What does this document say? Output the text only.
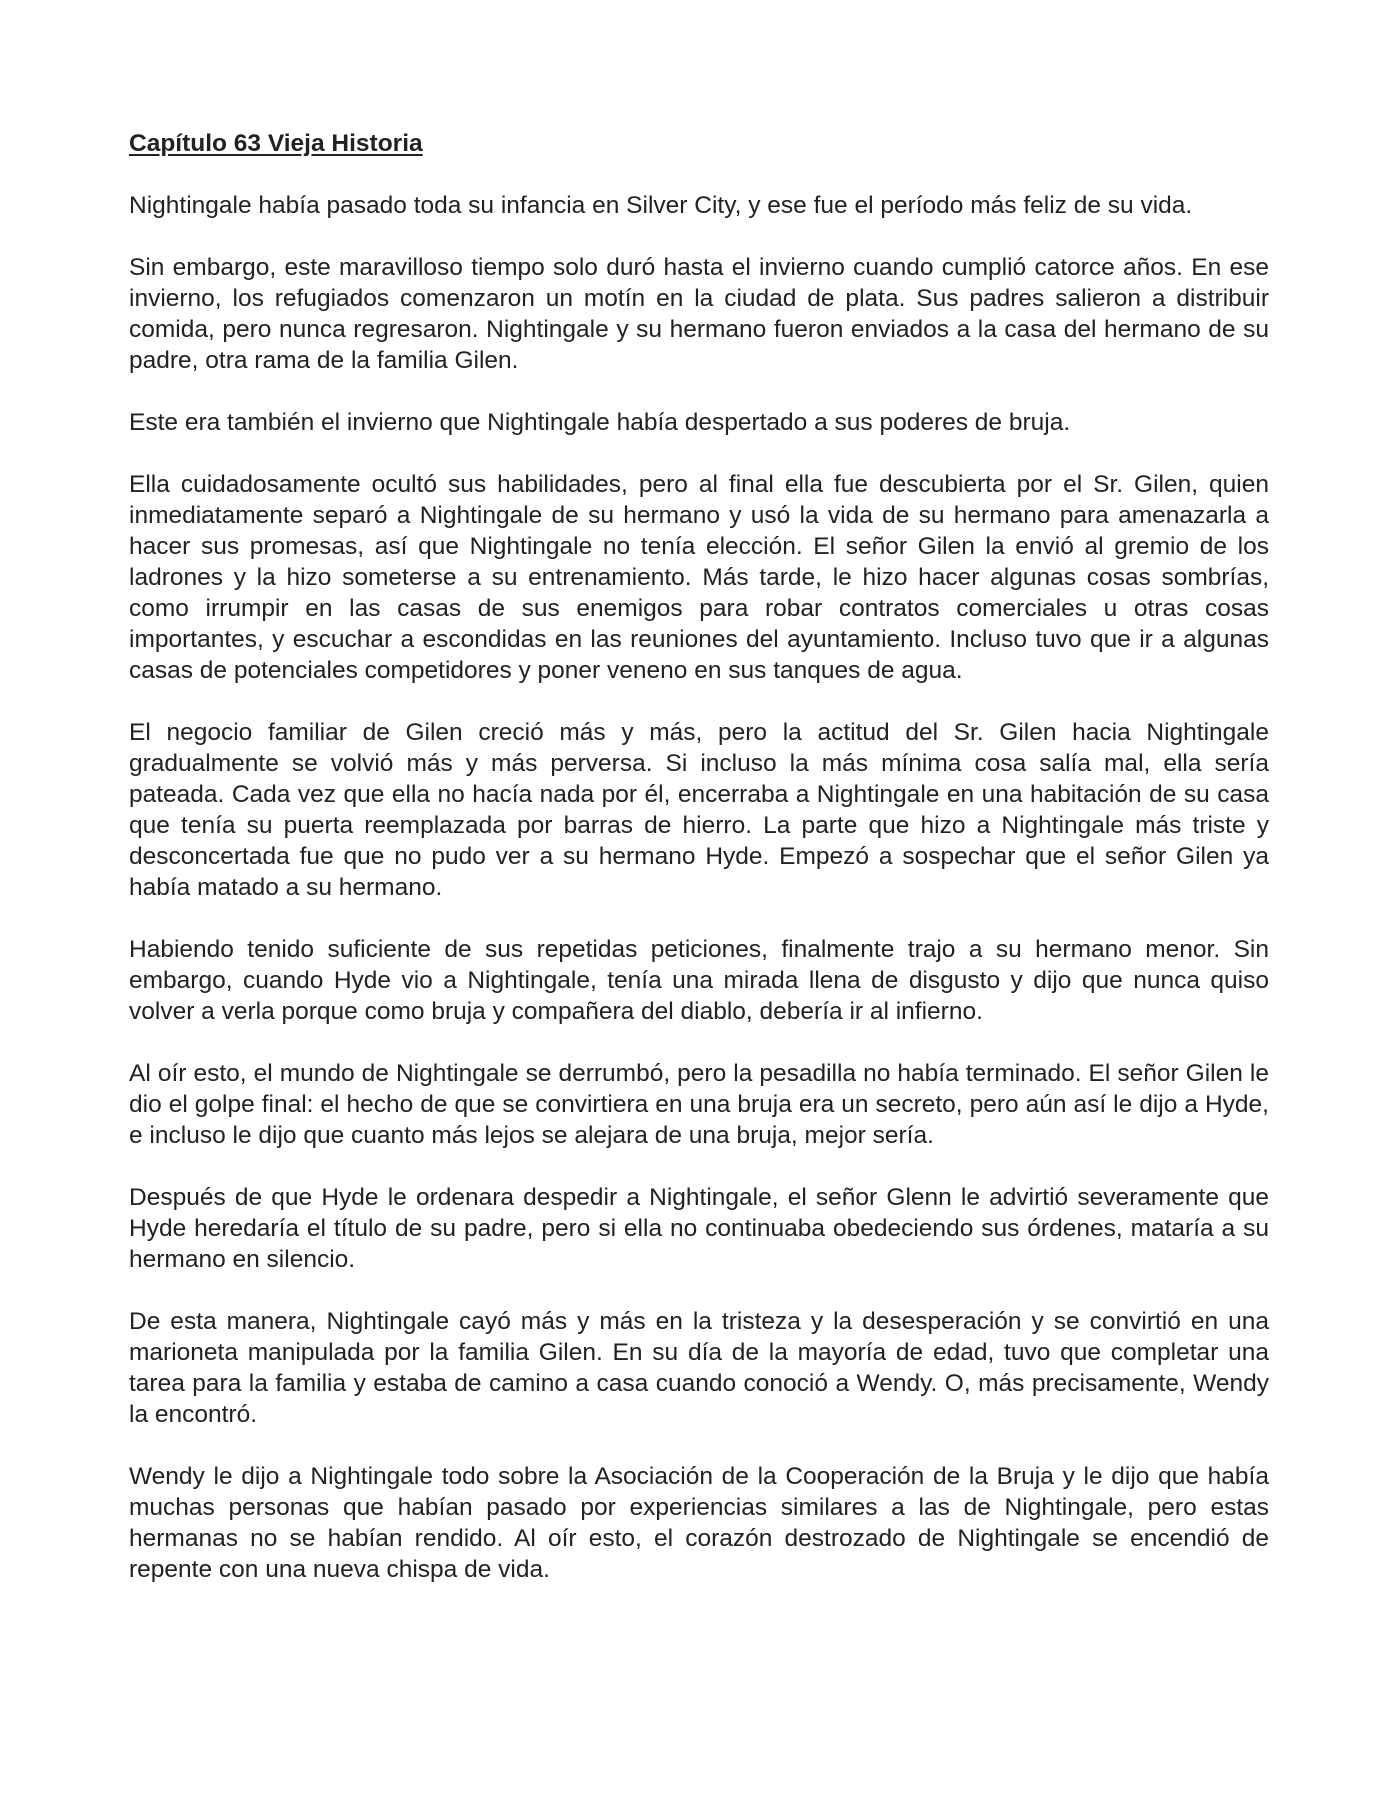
Capítulo 63 Vieja Historia

Nightingale había pasado toda su infancia en Silver City, y ese fue el período más feliz de su vida.

Sin embargo, este maravilloso tiempo solo duró hasta el invierno cuando cumplió catorce años. En ese invierno, los refugiados comenzaron un motín en la ciudad de plata. Sus padres salieron a distribuir comida, pero nunca regresaron. Nightingale y su hermano fueron enviados a la casa del hermano de su padre, otra rama de la familia Gilen.

Este era también el invierno que Nightingale había despertado a sus poderes de bruja.

Ella cuidadosamente ocultó sus habilidades, pero al final ella fue descubierta por el Sr. Gilen, quien inmediatamente separó a Nightingale de su hermano y usó la vida de su hermano para amenazarla a hacer sus promesas, así que Nightingale no tenía elección. El señor Gilen la envió al gremio de los ladrones y la hizo someterse a su entrenamiento. Más tarde, le hizo hacer algunas cosas sombrías, como irrumpir en las casas de sus enemigos para robar contratos comerciales u otras cosas importantes, y escuchar a escondidas en las reuniones del ayuntamiento. Incluso tuvo que ir a algunas casas de potenciales competidores y poner veneno en sus tanques de agua.

El negocio familiar de Gilen creció más y más, pero la actitud del Sr. Gilen hacia Nightingale gradualmente se volvió más y más perversa. Si incluso la más mínima cosa salía mal, ella sería pateada. Cada vez que ella no hacía nada por él, encerraba a Nightingale en una habitación de su casa que tenía su puerta reemplazada por barras de hierro. La parte que hizo a Nightingale más triste y desconcertada fue que no pudo ver a su hermano Hyde. Empezó a sospechar que el señor Gilen ya había matado a su hermano.

Habiendo tenido suficiente de sus repetidas peticiones, finalmente trajo a su hermano menor. Sin embargo, cuando Hyde vio a Nightingale, tenía una mirada llena de disgusto y dijo que nunca quiso volver a verla porque como bruja y compañera del diablo, debería ir al infierno.

Al oír esto, el mundo de Nightingale se derrumbó, pero la pesadilla no había terminado. El señor Gilen le dio el golpe final: el hecho de que se convirtiera en una bruja era un secreto, pero aún así le dijo a Hyde, e incluso le dijo que cuanto más lejos se alejara de una bruja, mejor sería.

Después de que Hyde le ordenara despedir a Nightingale, el señor Glenn le advirtió severamente que Hyde heredaría el título de su padre, pero si ella no continuaba obedeciendo sus órdenes, mataría a su hermano en silencio.

De esta manera, Nightingale cayó más y más en la tristeza y la desesperación y se convirtió en una marioneta manipulada por la familia Gilen. En su día de la mayoría de edad, tuvo que completar una tarea para la familia y estaba de camino a casa cuando conoció a Wendy. O, más precisamente, Wendy la encontró.

Wendy le dijo a Nightingale todo sobre la Asociación de la Cooperación de la Bruja y le dijo que había muchas personas que habían pasado por experiencias similares a las de Nightingale, pero estas hermanas no se habían rendido. Al oír esto, el corazón destrozado de Nightingale se encendió de repente con una nueva chispa de vida.
